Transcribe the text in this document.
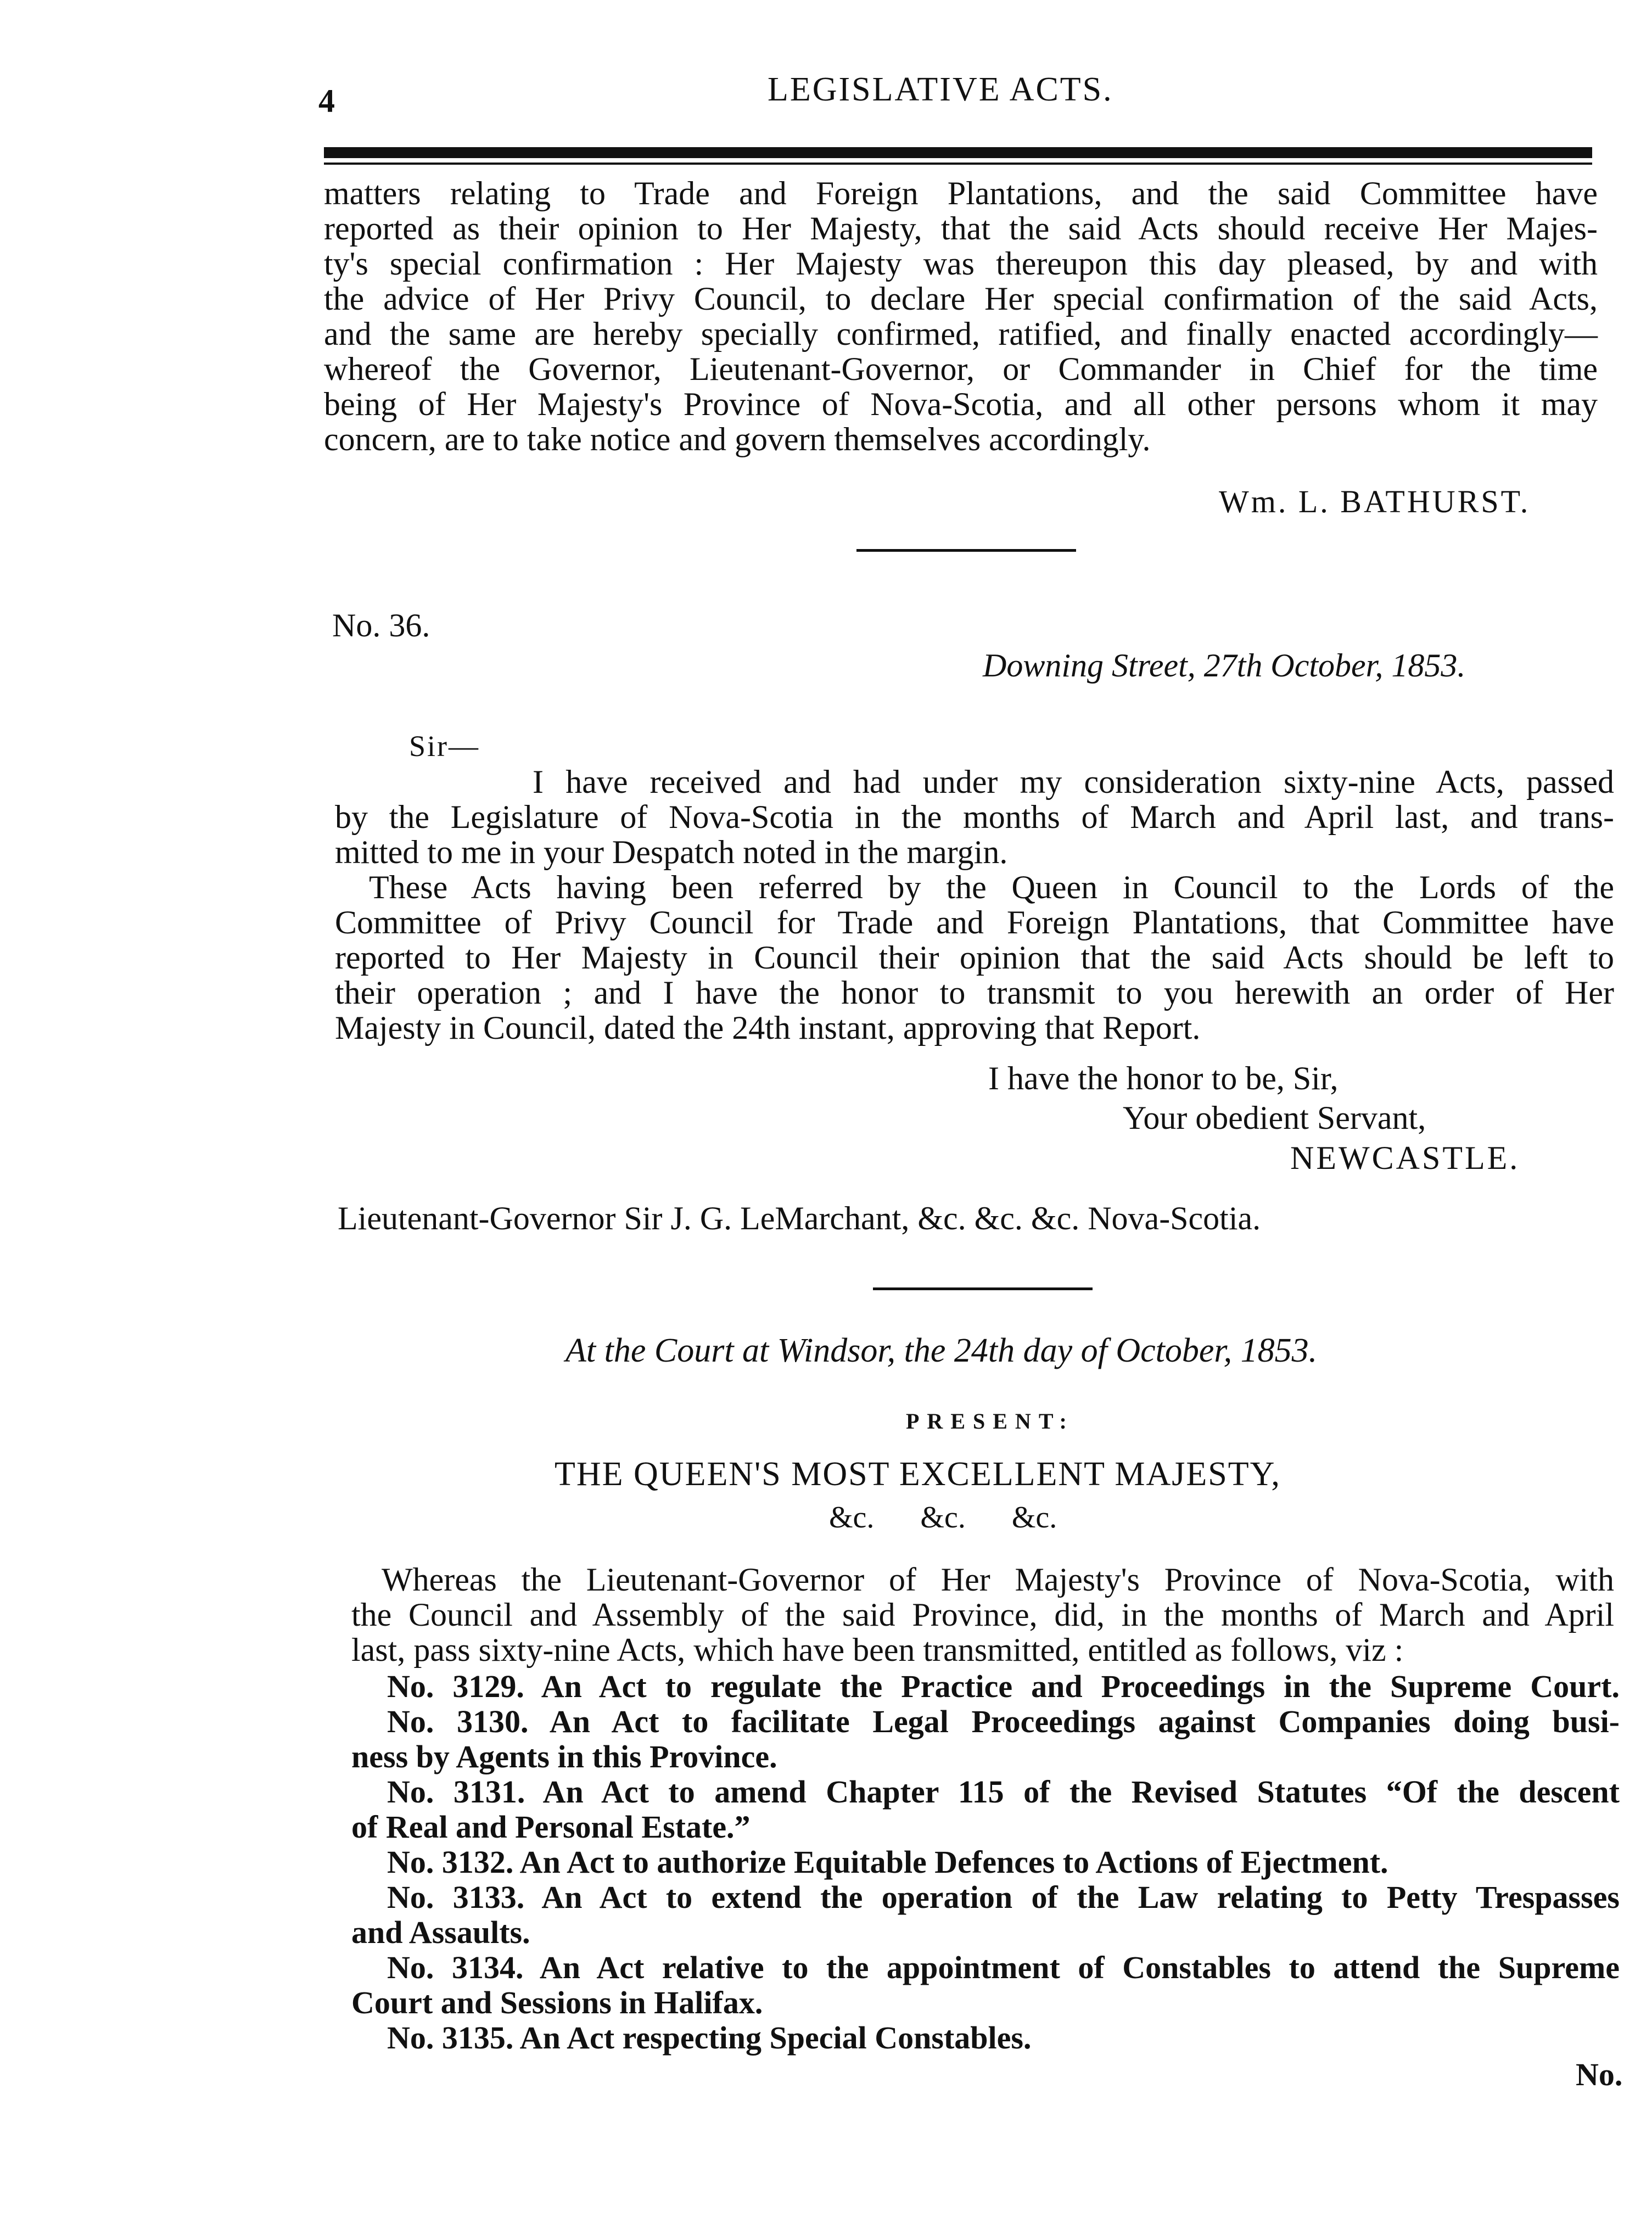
4	LEGISLATIVE ACTS.
matters relating to Trade and Foreign Plantations, and the said Committee have
reported as their opinion to Her Majesty, that the said Acts should receive Her Majes-
ty's special confirmation : Her Majesty was thereupon this day pleased, by and with
the advice of Her Privy Council, to declare Her special confirmation of the said Acts,
and the same are hereby specially confirmed, ratified, and finally enacted accordingly—
whereof the Governor, Lieutenant-Governor, or Commander in Chief for the time
being of Her Majesty's Province of Nova-Scotia, and all other persons whom it may
concern, are to take notice and govern themselves accordingly.
Wm. L. BATHURST.
No. 36.
Downing Street, 27th October, 1853.
Sir—
I have received and had under my consideration sixty-nine Acts, passed
by the Legislature of Nova-Scotia in the months of March and April last, and trans-
mitted to me in your Despatch noted in the margin.
These Acts having been referred by the Queen in Council to the Lords of the
Committee of Privy Council for Trade and Foreign Plantations, that Committee have
reported to Her Majesty in Council their opinion that the said Acts should be left to
their operation ; and I have the honor to transmit to you herewith an order of Her
Majesty in Council, dated the 24th instant, approving that Report.
I have the honor to be, Sir,
Your obedient Servant,
NEWCASTLE.
Lieutenant-Governor Sir J. G. LeMarchant, &c. &c. &c. Nova-Scotia.
At the Court at Windsor, the 24th day of October, 1853.
PRESENT:
THE QUEEN'S MOST EXCELLENT MAJESTY,
&c.      &c.      &c.
Whereas the Lieutenant-Governor of Her Majesty's Province of Nova-Scotia, with
the Council and Assembly of the said Province, did, in the months of March and April
last, pass sixty-nine Acts, which have been transmitted, entitled as follows, viz :
No. 3129. An Act to regulate the Practice and Proceedings in the Supreme Court.
No. 3130. An Act to facilitate Legal Proceedings against Companies doing busi-
ness by Agents in this Province.
No. 3131. An Act to amend Chapter 115 of the Revised Statutes “Of the descent
of Real and Personal Estate.”
No. 3132. An Act to authorize Equitable Defences to Actions of Ejectment.
No. 3133. An Act to extend the operation of the Law relating to Petty Trespasses
and Assaults.
No. 3134. An Act relative to the appointment of Constables to attend the Supreme
Court and Sessions in Halifax.
No. 3135. An Act respecting Special Constables.
No.
